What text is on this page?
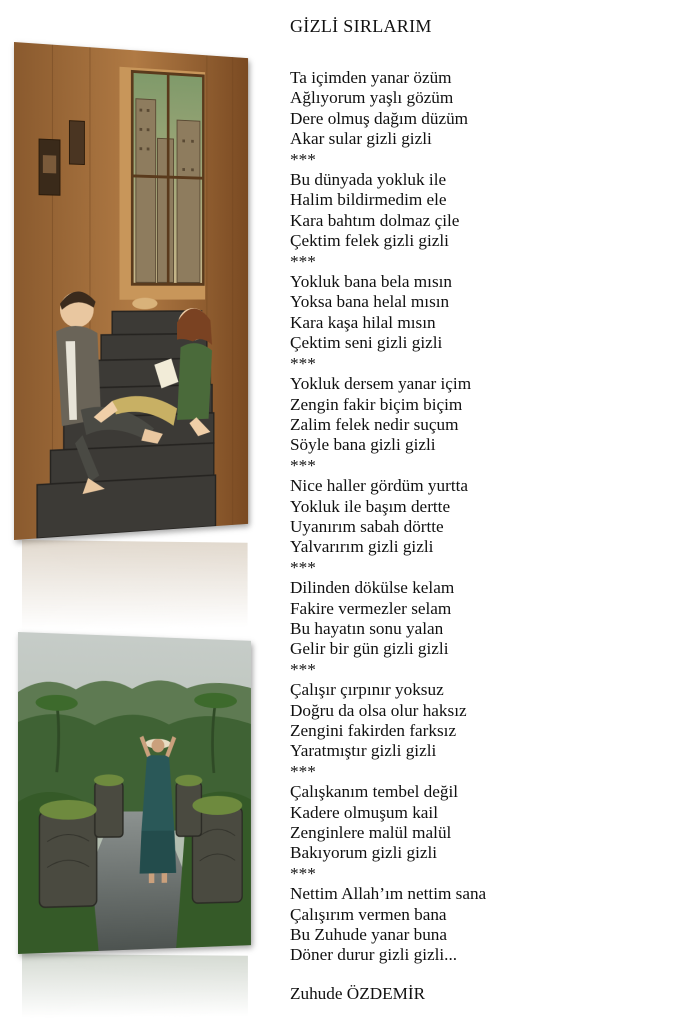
GİZLİ SIRLARIM

Ta içimden yanar özüm
Ağlıyorum yaşlı gözüm
Dere olmuş dağım düzüm
Akar sular gizli gizli
***

Bu dünyada yokluk ile
Halim bildirmedim ele
Kara bahtım dolmaz çile
Çektim felek gizli gizli
***

Yokluk bana bela mısın
Yoksa bana helal mısın
Kara kaşa hilal mısın
Çektim seni gizli gizli
***

Yokluk dersem yanar içim
Zengin fakir biçim biçim
Zalim felek nedir suçum
Söyle bana gizli gizli
***

Nice haller gördüm yurtta
Yokluk ile başım dertte
Uyanırım sabah dörtte
Yalvarırım gizli gizli
***

Dilinden dökülse kelam
Fakire vermezler selam
Bu hayatın sonu yalan
Gelir bir gün gizli gizli
***

Çalışır çırpınır yoksuz
Doğru da olsa olur haksız
Zengini fakirden farksız
Yaratmıştır gizli gizli
***

Çalışkanım tembel değil
Kadere olmuşum kail
Zenginlere malül malül
Bakıyorum gizli gizli
***

Nettim Allah’ım nettim sana
Çalışırım vermen bana
Bu Zuhude yanar buna
Döner durur gizli gizli...

Zuhude ÖZDEMİR
